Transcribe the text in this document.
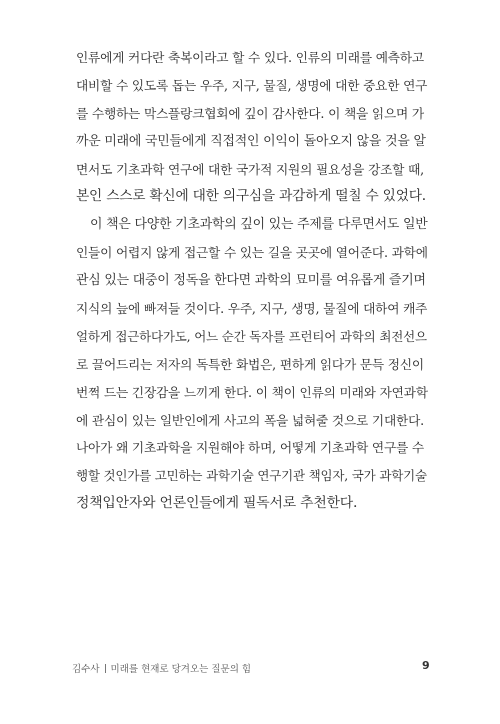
인류에게 커다란 축복이라고 할 수 있다. 인류의 미래를 예측하고
대비할 수 있도록 돕는 우주, 지구, 물질, 생명에 대한 중요한 연구
를 수행하는 막스플랑크협회에 깊이 감사한다. 이 책을 읽으며 가
까운 미래에 국민들에게 직접적인 이익이 돌아오지 않을 것을 알
면서도 기초과학 연구에 대한 국가적 지원의 필요성을 강조할 때,
본인 스스로 확신에 대한 의구심을 과감하게 떨칠 수 있었다.
이 책은 다양한 기초과학의 깊이 있는 주제를 다루면서도 일반
인들이 어렵지 않게 접근할 수 있는 길을 곳곳에 열어준다. 과학에
관심 있는 대중이 정독을 한다면 과학의 묘미를 여유롭게 즐기며
지식의 늪에 빠져들 것이다. 우주, 지구, 생명, 물질에 대하여 캐주
얼하게 접근하다가도, 어느 순간 독자를 프런티어 과학의 최전선으
로 끌어드리는 저자의 독특한 화법은, 편하게 읽다가 문득 정신이
번쩍 드는 긴장감을 느끼게 한다. 이 책이 인류의 미래와 자연과학
에 관심이 있는 일반인에게 사고의 폭을 넓혀줄 것으로 기대한다.
나아가 왜 기초과학을 지원해야 하며, 어떻게 기초과학 연구를 수
행할 것인가를 고민하는 과학기술 연구기관 책임자, 국가 과학기술
정책입안자와 언론인들에게 필독서로 추천한다.
김수사 미래를 현재로 당겨오는 질문의 힘	9
